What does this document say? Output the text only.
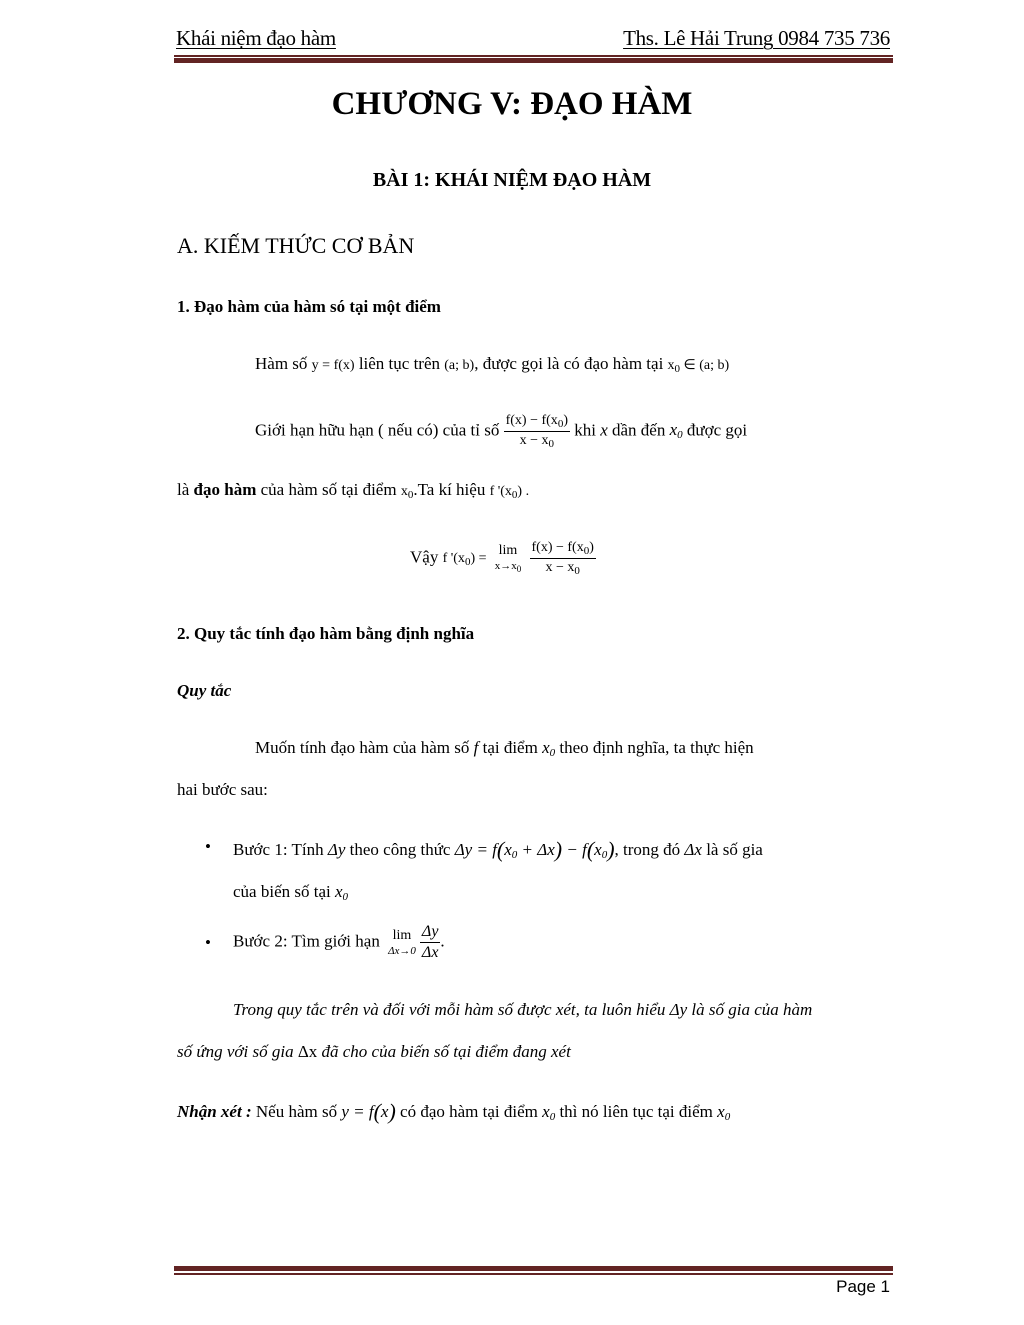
Khái niệm đạo hàm	Ths. Lê Hải Trung 0984 735 736
CHƯƠNG V: ĐẠO HÀM
BÀI 1: KHÁI NIỆM ĐẠO HÀM
A. KIẾM THỨC CƠ BẢN
1. Đạo hàm của hàm só tại một điểm
Hàm số y = f(x) liên tục trên (a; b), được gọi là có đạo hàm tại $x_0$ ∈ (a; b)
Giới hạn hữu hạn ( nếu có) của tỉ số $\frac{f(x) - f(x_0)}{x - x_0}$ khi x dần đến $x_0$ được gọi
là đạo hàm của hàm số tại điểm $x_0.Ta$ kí hiệu f '$(x_0)$ .
Vậy f '$(x_0) = \lim$
$x\to x_0$
$\frac{f(x) - f(x_0)}{x - x_0}$
2. Quy tắc tính đạo hàm bằng định nghĩa
Quy tắc
Muốn tính đạo hàm của hàm số f tại điểm $x_0$ theo định nghĩa, ta thực hiện
hai bước sau:
• Bước 1: Tính Δy theo công thức $\Delta y = f(x_0 + \Delta x) - f(x_0)$, trong đó Δx là số gia
của biến số tại $x_0$
• Bước 2: Tìm giới hạn lim
$\Delta x\to 0 \frac{\Delta y}{\Delta x}$ .
Trong quy tắc trên và đối với mỗi hàm số được xét, ta luôn hiểu Δy là số gia của hàm
số ứng với số gia Δx đã cho của biến số tại điểm đang xét
Nhận xét : Nếu hàm số y = f(x) có đạo hàm tại điểm $x_0$ thì nó liên tục tại điểm $x_0$
Page 1
